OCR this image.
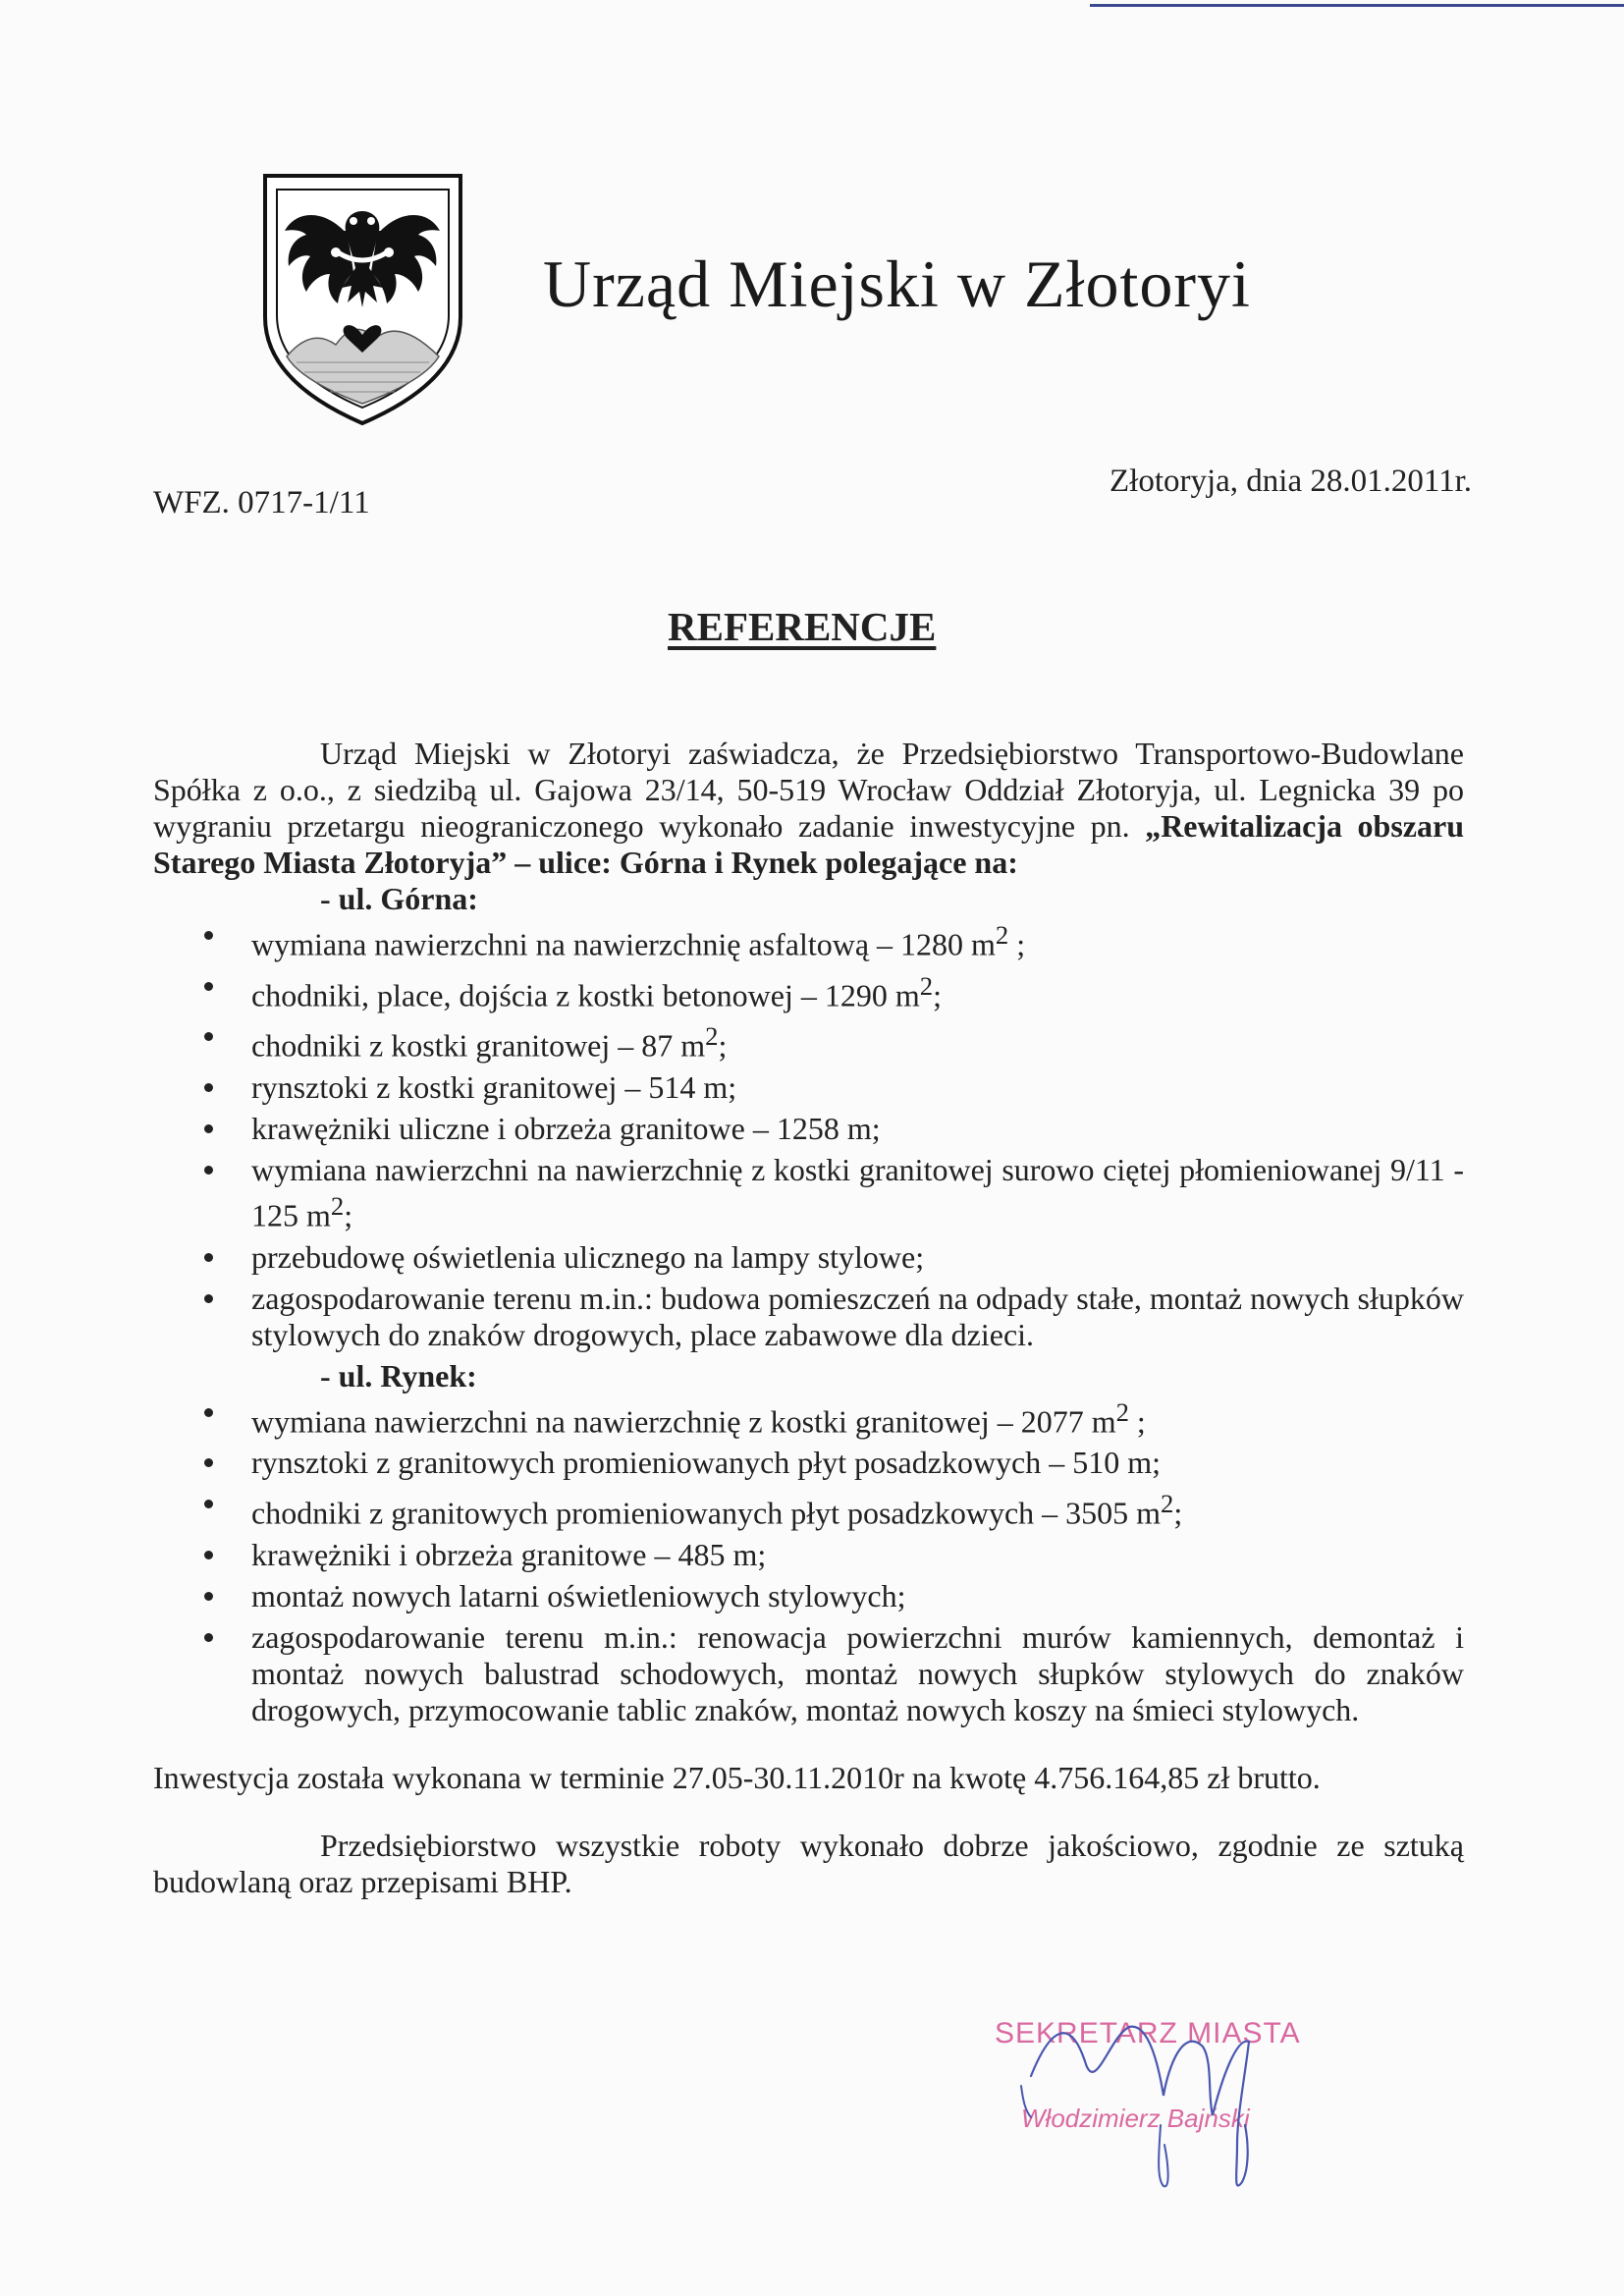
Urząd Miejski w Złotoryi
WFZ. 0717-1/11
Złotoryja, dnia 28.01.2011r.
REFERENCJE

Urząd Miejski w Złotoryi zaświadcza, że Przedsiębiorstwo Transportowo-Budowlane Spółka z o.o., z siedzibą ul. Gajowa 23/14, 50-519 Wrocław Oddział Złotoryja, ul. Legnicka 39 po wygraniu przetargu nieograniczonego wykonało zadanie inwestycyjne pn. „Rewitalizacja obszaru Starego Miasta Złotoryja” – ulice: Górna i Rynek polegające na:

- ul. Górna:

wymiana nawierzchni na nawierzchnię asfaltową – 1280 $m^2$ ;
chodniki, place, dojścia z kostki betonowej – 1290 $m^2$;
chodniki z kostki granitowej – 87 $m^2$;
rynsztoki z kostki granitowej – 514 m;
krawężniki uliczne i obrzeża granitowe – 1258 m;
wymiana nawierzchni na nawierzchnię z kostki granitowej surowo ciętej płomieniowanej 9/11 - 125 $m^2$;
przebudowę oświetlenia ulicznego na lampy stylowe;
zagospodarowanie terenu m.in.: budowa pomieszczeń na odpady stałe, montaż nowych słupków stylowych do znaków drogowych, place zabawowe dla dzieci.

- ul. Rynek:

wymiana nawierzchni na nawierzchnię z kostki granitowej – 2077 $m^2$ ;
rynsztoki z granitowych promieniowanych płyt posadzkowych – 510 m;
chodniki z granitowych promieniowanych płyt posadzkowych – 3505 $m^2$;
krawężniki i obrzeża granitowe – 485 m;
montaż nowych latarni oświetleniowych stylowych;
zagospodarowanie terenu m.in.: renowacja powierzchni murów kamiennych, demontaż i montaż nowych balustrad schodowych, montaż nowych słupków stylowych do znaków drogowych, przymocowanie tablic znaków, montaż nowych koszy na śmieci stylowych.

Inwestycja została wykonana w terminie 27.05-30.11.2010r na kwotę 4.756.164,85 zł brutto.

Przedsiębiorstwo wszystkie roboty wykonało dobrze jakościowo, zgodnie ze sztuką budowlaną oraz przepisami BHP.

SEKRETARZ MIASTA
Włodzimierz Bajński
